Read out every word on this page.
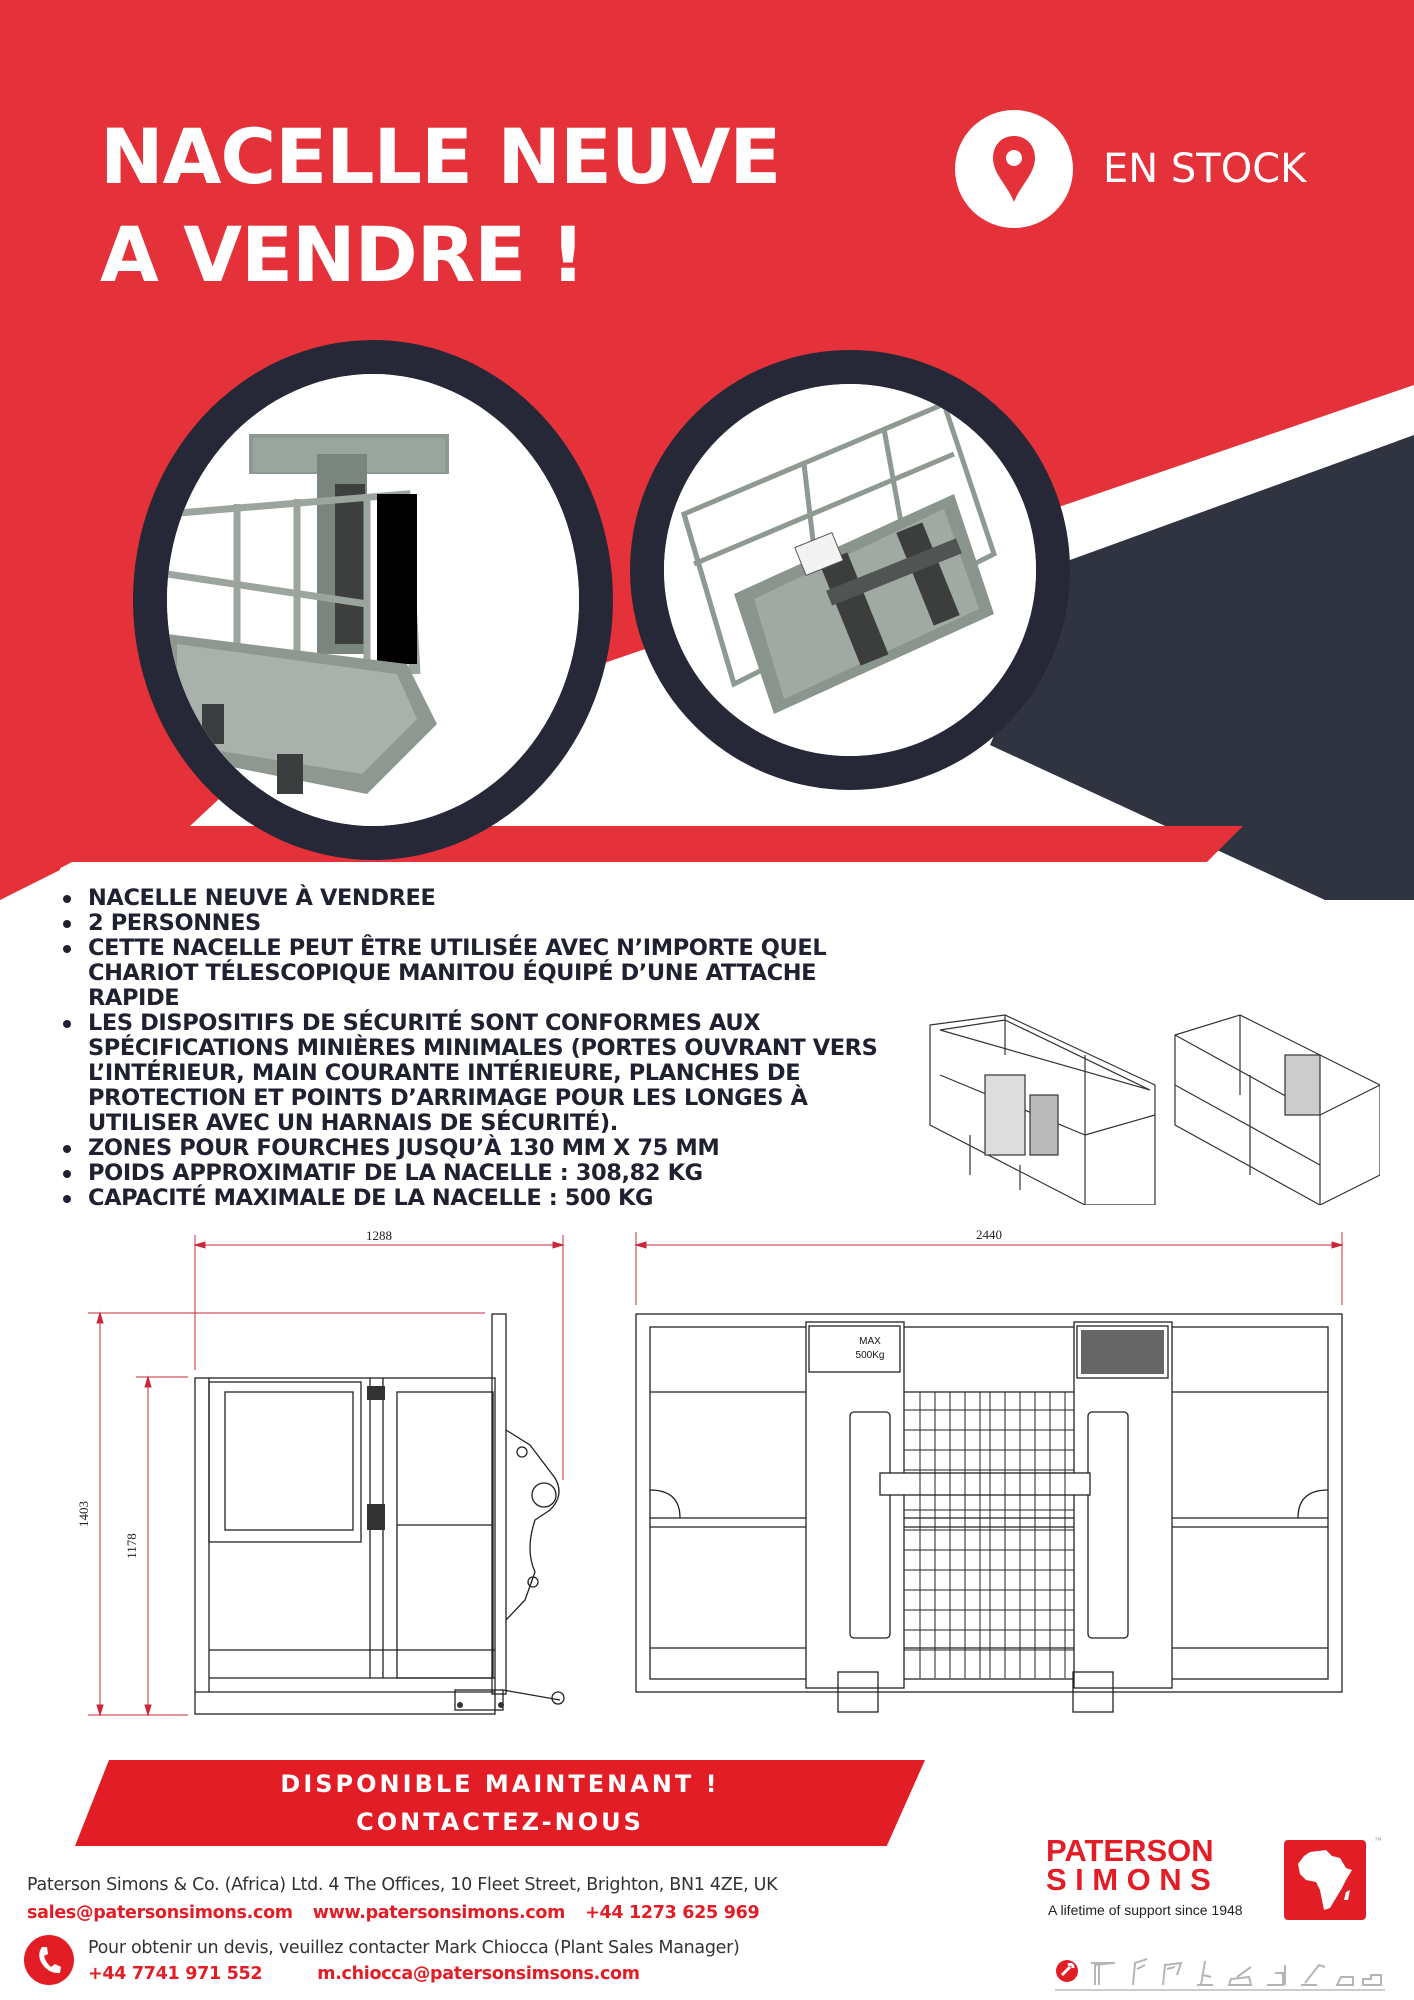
NACELLE NEUVE
A VENDRE !
EN STOCK
NACELLE NEUVE À VENDREE
2 PERSONNES
CETTE NACELLE PEUT ÊTRE UTILISÉE AVEC N’IMPORTE QUEL CHARIOT TÉLESCOPIQUE MANITOU ÉQUIPÉ D’UNE ATTACHE RAPIDE
LES DISPOSITIFS DE SÉCURITÉ SONT CONFORMES AUX SPÉCIFICATIONS MINIÈRES MINIMALES (PORTES OUVRANT VERS L’INTÉRIEUR, MAIN COURANTE INTÉRIEURE, PLANCHES DE PROTECTION ET POINTS D’ARRIMAGE POUR LES LONGES À UTILISER AVEC UN HARNAIS DE SÉCURITÉ).
ZONES POUR FOURCHES JUSQU’À 130 MM X 75 MM
POIDS APPROXIMATIF DE LA NACELLE : 308,82 KG
CAPACITÉ MAXIMALE DE LA NACELLE : 500 KG
1288
1403
1178
2440
MAX
500Kg
DISPONIBLE MAINTENANT !
CONTACTEZ-NOUS
Paterson Simons & Co. (Africa) Ltd. 4 The Offices, 10 Fleet Street, Brighton, BN1 4ZE, UK
sales@patersonsimons.com www.patersonsimons.com +44 1273 625 969
Pour obtenir un devis, veuillez contacter Mark Chiocca (Plant Sales Manager)
+44 7741 971 552	m.chiocca@patersonsimsons.com
PATERSON
SIMONS
A lifetime of support since 1948
™
